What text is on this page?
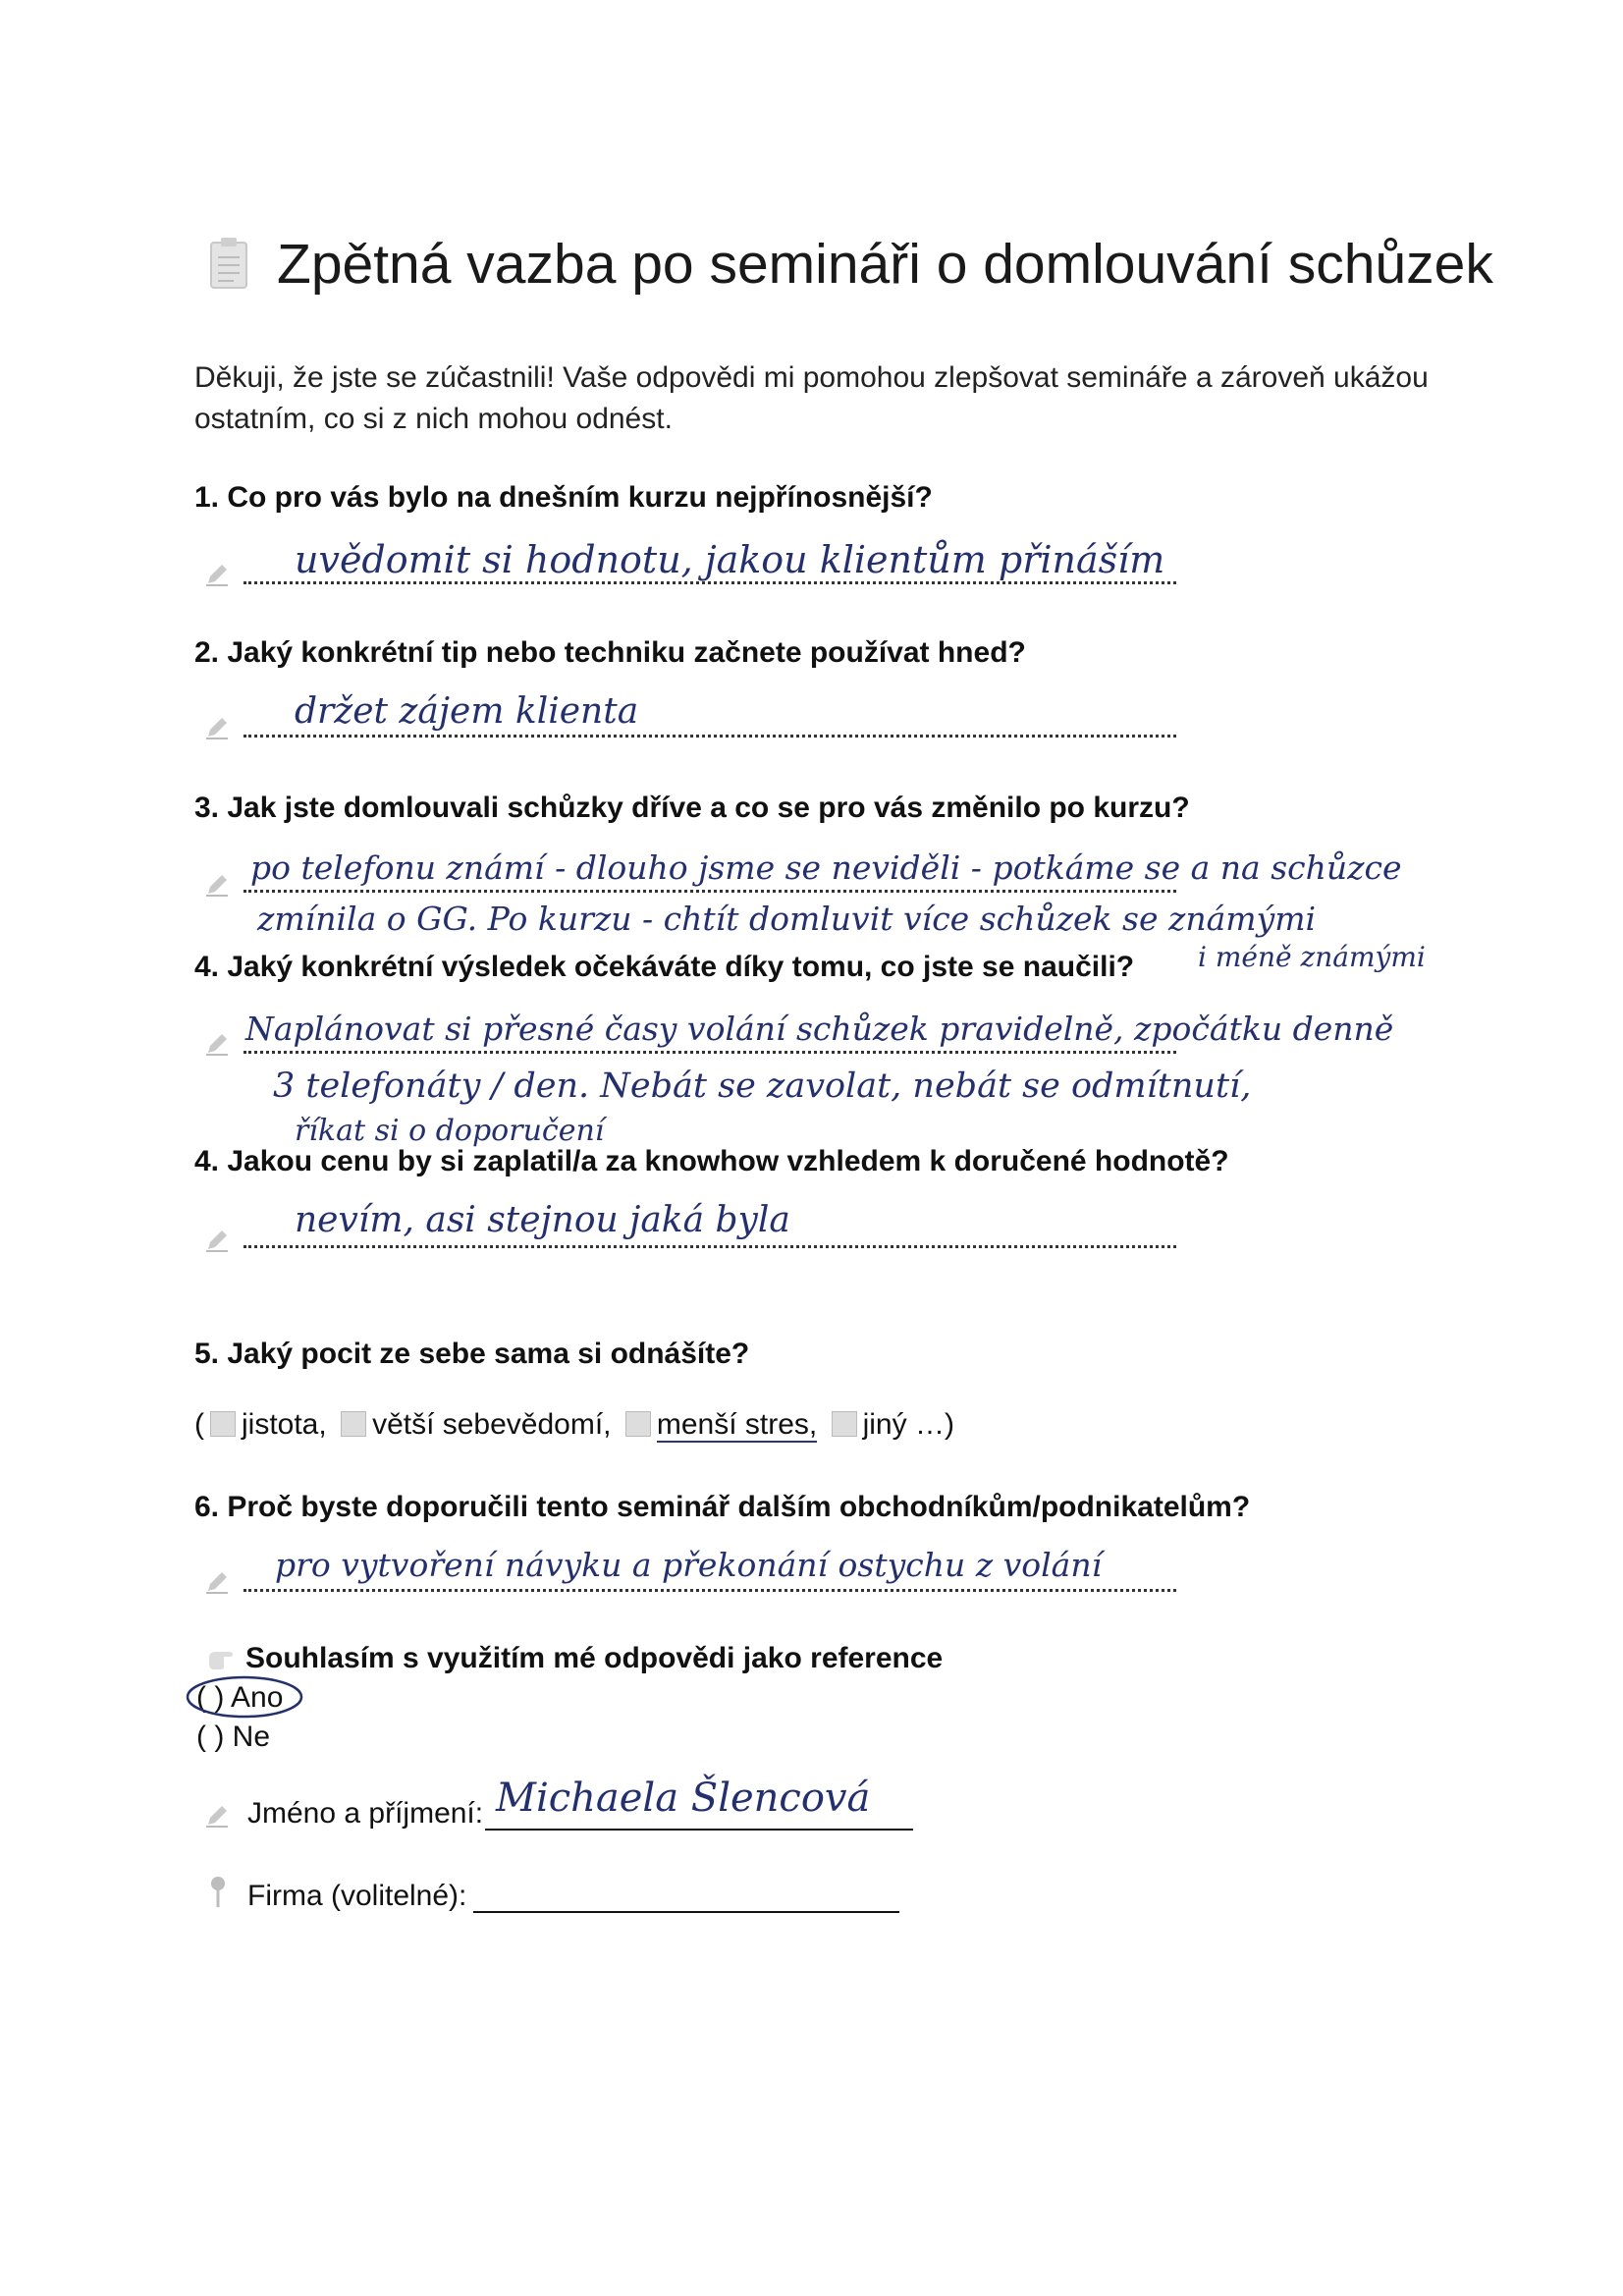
Zpětná vazba po semináři o domlouvání schůzek
Děkuji, že jste se zúčastnili! Vaše odpovědi mi pomohou zlepšovat semináře a zároveň ukážou ostatním, co si z nich mohou odnést.
1. Co pro vás bylo na dnešním kurzu nejpřínosnější?
uvědomit si hodnotu, jakou klientům přináším
2. Jaký konkrétní tip nebo techniku začnete používat hned?
držet zájem klienta
3. Jak jste domlouvali schůzky dříve a co se pro vás změnilo po kurzu?
po telefonu známí - dlouho jsme se neviděli - potkáme se a na schůzce
zmínila o GG. Po kurzu - chtít domluvit více schůzek se známými
i méně známými
4. Jaký konkrétní výsledek očekáváte díky tomu, co jste se naučili?
Naplánovat si přesné časy volání schůzek pravidelně, zpočátku denně
3 telefonáty / den. Nebát se zavolat, nebát se odmítnutí,
říkat si o doporučení
4. Jakou cenu by si zaplatil/a za knowhow vzhledem k doručené hodnotě?
nevím, asi stejnou jaká byla
5. Jaký pocit ze sebe sama si odnášíte?
( jistota, větší sebevědomí, menší stres, jiný …)
6. Proč byste doporučili tento seminář dalším obchodníkům/podnikatelům?
pro vytvoření návyku a překonání ostychu z volání
Souhlasím s využitím mé odpovědi jako reference
( ) Ano
( ) Ne
Jméno a příjmení: Michaela Šlencová
Firma (volitelné):
